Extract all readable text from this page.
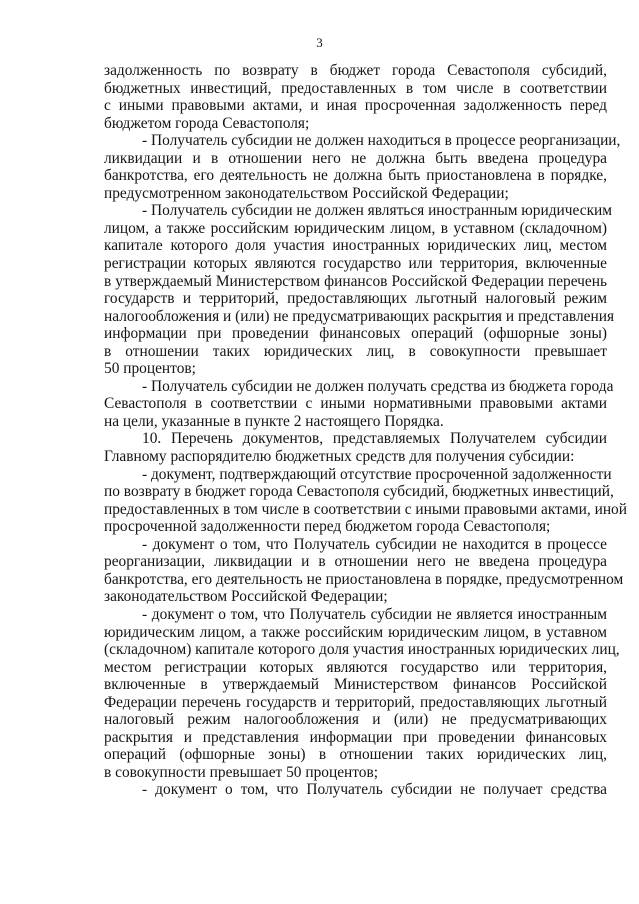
3
задолженность по возврату в бюджет города Севастополя субсидий,
бюджетных инвестиций, предоставленных в том числе в соответствии
с иными правовыми актами, и иная просроченная задолженность перед
бюджетом города Севастополя;
- Получатель субсидии не должен находиться в процессе реорганизации,
ликвидации и в отношении него не должна быть введена процедура
банкротства, его деятельность не должна быть приостановлена в порядке,
предусмотренном законодательством Российской Федерации;
- Получатель субсидии не должен являться иностранным юридическим
лицом, а также российским юридическим лицом, в уставном (складочном)
капитале которого доля участия иностранных юридических лиц, местом
регистрации которых являются государство или территория, включенные
в утверждаемый Министерством финансов Российской Федерации перечень
государств и территорий, предоставляющих льготный налоговый режим
налогообложения и (или) не предусматривающих раскрытия и представления
информации при проведении финансовых операций (офшорные зоны)
в отношении таких юридических лиц, в совокупности превышает
50 процентов;
- Получатель субсидии не должен получать средства из бюджета города
Севастополя в соответствии с иными нормативными правовыми актами
на цели, указанные в пункте 2 настоящего Порядка.
10. Перечень документов, представляемых Получателем субсидии
Главному распорядителю бюджетных средств для получения субсидии:
- документ, подтверждающий отсутствие просроченной задолженности
по возврату в бюджет города Севастополя субсидий, бюджетных инвестиций,
предоставленных в том числе в соответствии с иными правовыми актами, иной
просроченной задолженности перед бюджетом города Севастополя;
- документ о том, что Получатель субсидии не находится в процессе
реорганизации, ликвидации и в отношении него не введена процедура
банкротства, его деятельность не приостановлена в порядке, предусмотренном
законодательством Российской Федерации;
- документ о том, что Получатель субсидии не является иностранным
юридическим лицом, а также российским юридическим лицом, в уставном
(складочном) капитале которого доля участия иностранных юридических лиц,
местом регистрации которых являются государство или территория,
включенные в утверждаемый Министерством финансов Российской
Федерации перечень государств и территорий, предоставляющих льготный
налоговый режим налогообложения и (или) не предусматривающих
раскрытия и представления информации при проведении финансовых
операций (офшорные зоны) в отношении таких юридических лиц,
в совокупности превышает 50 процентов;
- документ о том, что Получатель субсидии не получает средства
